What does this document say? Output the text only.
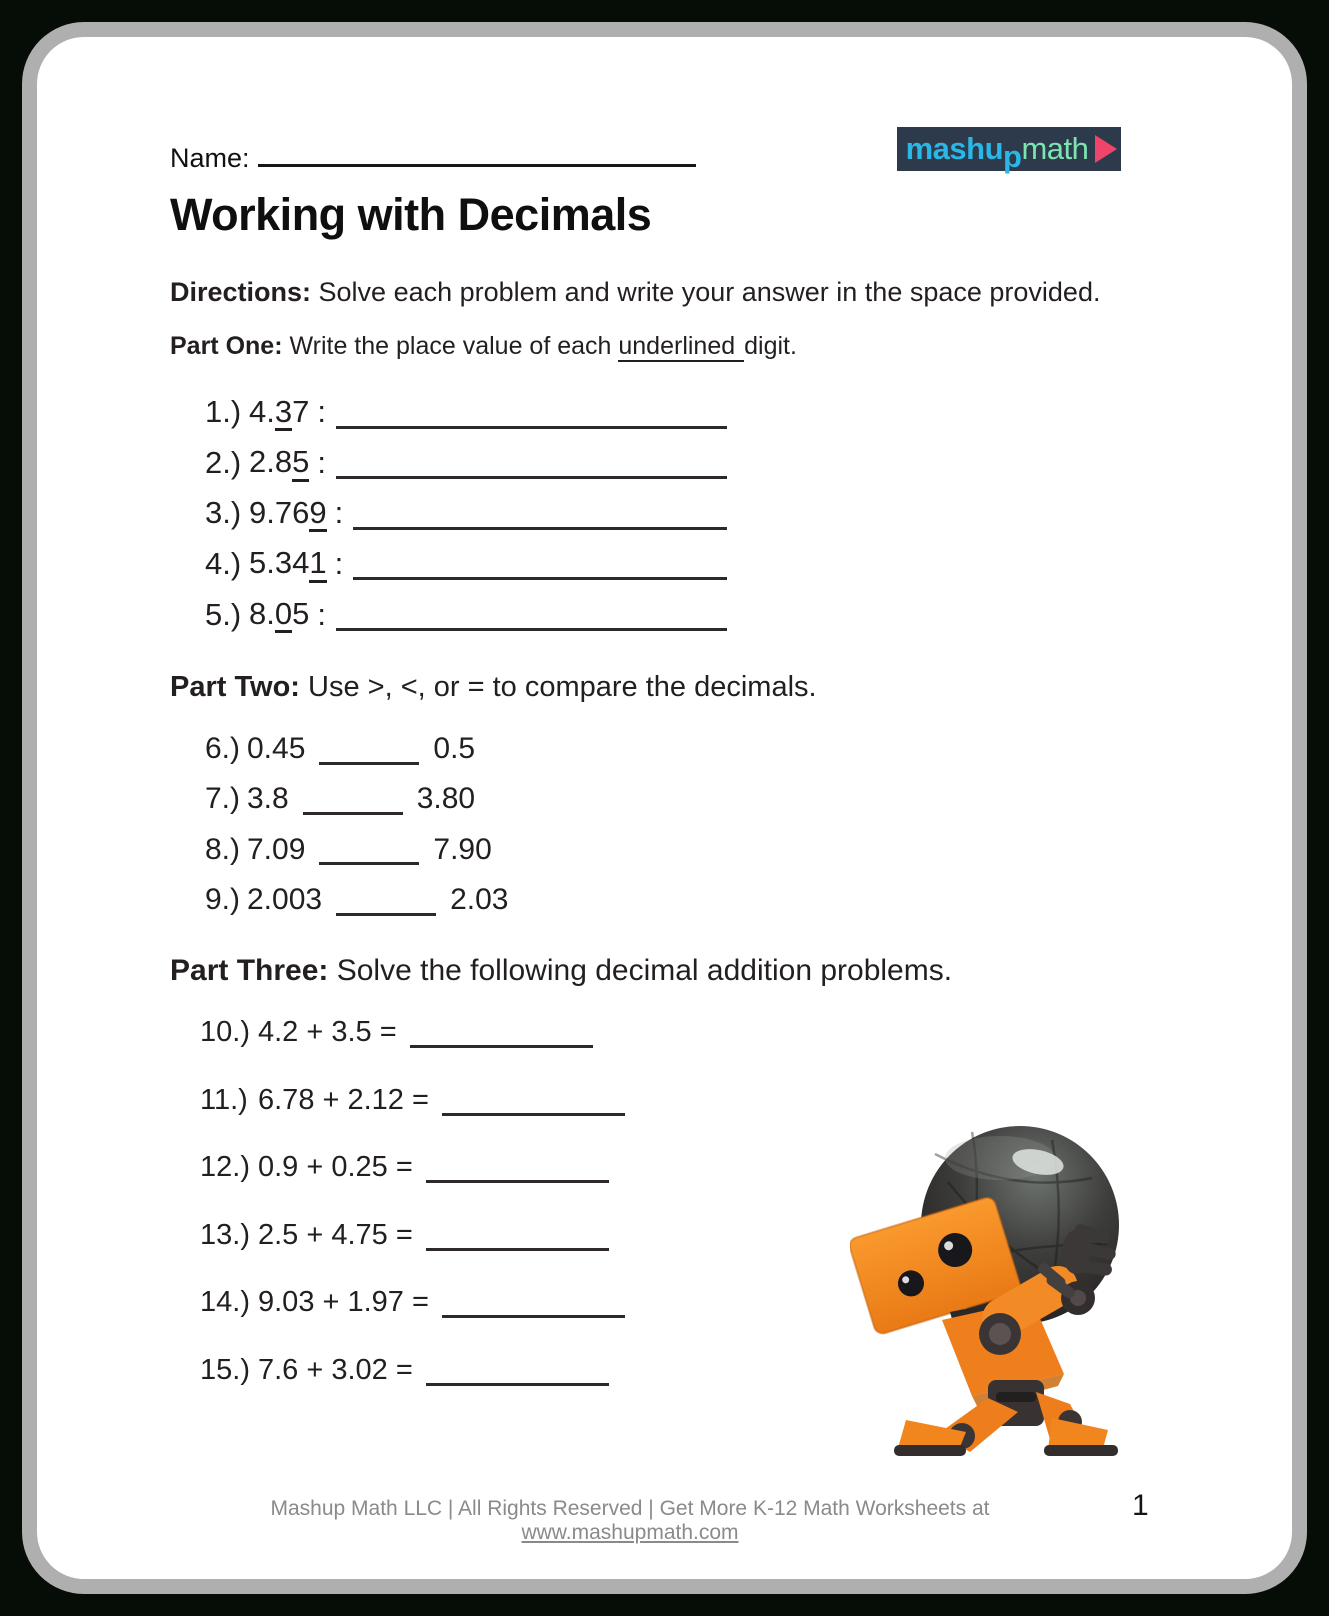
Name:	mashu p math
Working with Decimals
Directions: Solve each problem and write your answer in the space provided.
Part One: Write the place value of each underlined digit.
1.) 4.37 :
2.) 2.85 :
3.) 9.769 :
4.) 5.341 :
5.) 8.05 :
Part Two: Use >, <, or = to compare the decimals.
6.) 0.45	0.5
7.) 3.8	3.80
8.) 7.09	7.90
9.) 2.003	2.03
Part Three: Solve the following decimal addition problems.
10.) 4.2 + 3.5 =
11.) 6.78 + 2.12 =
12.) 0.9 + 0.25 =
13.) 2.5 + 4.75 =
14.) 9.03 + 1.97 =
15.) 7.6 + 3.02 =
Mashup Math LLC | All Rights Reserved | Get More K-12 Math Worksheets at www.mashupmath.com
1
